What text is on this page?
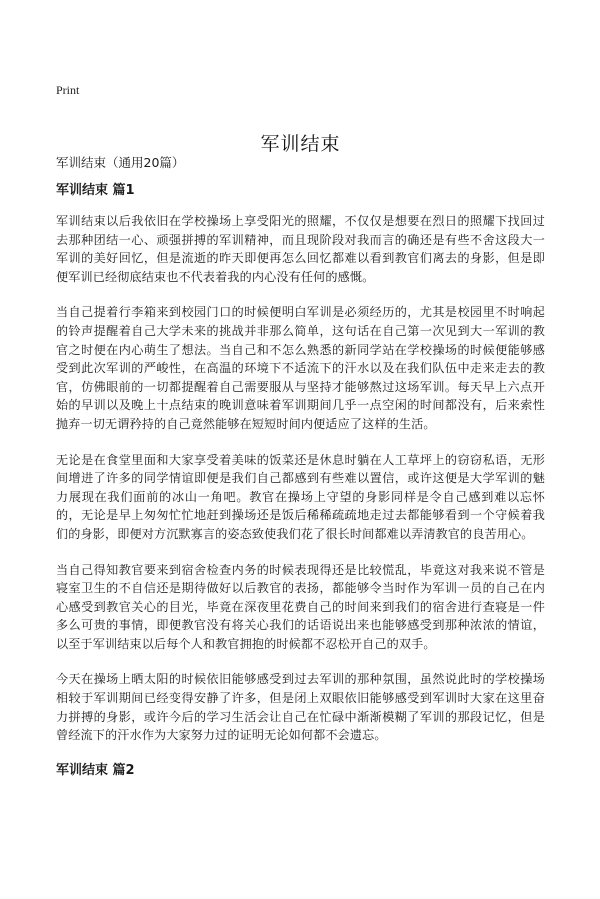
Print
军训结束
军训结束（通用20篇）
军训结束 篇1

军训结束以后我依旧在学校操场上享受阳光的照耀，不仅仅是想要在烈日的照耀下找回过去那种团结一心、顽强拼搏的军训精神，而且现阶段对我而言的确还是有些不舍这段大一军训的美好回忆，但是流逝的昨天即便再怎么回忆都难以看到教官们离去的身影，但是即便军训已经彻底结束也不代表着我的内心没有任何的感慨。

当自己提着行李箱来到校园门口的时候便明白军训是必须经历的，尤其是校园里不时响起的铃声提醒着自己大学未来的挑战并非那么简单，这句话在自己第一次见到大一军训的教官之时便在内心萌生了想法。当自己和不怎么熟悉的新同学站在学校操场的时候便能够感受到此次军训的严峻性，在高温的环境下不适流下的汗水以及在我们队伍中走来走去的教官，仿佛眼前的一切都提醒着自己需要服从与坚持才能够熬过这场军训。每天早上六点开始的早训以及晚上十点结束的晚训意味着军训期间几乎一点空闲的时间都没有，后来索性抛弃一切无谓矜持的自己竟然能够在短短时间内便适应了这样的生活。

无论是在食堂里面和大家享受着美味的饭菜还是休息时躺在人工草坪上的窃窃私语，无形间增进了许多的同学情谊即便是我们自己都感到有些难以置信，或许这便是大学军训的魅力展现在我们面前的冰山一角吧。教官在操场上守望的身影同样是令自己感到难以忘怀的，无论是早上匆匆忙忙地赶到操场还是饭后稀稀疏疏地走过去都能够看到一个守候着我们的身影，即便对方沉默寡言的姿态致使我们花了很长时间都难以弄清教官的良苦用心。

当自己得知教官要来到宿舍检查内务的时候表现得还是比较慌乱，毕竟这对我来说不管是寝室卫生的不自信还是期待做好以后教官的表扬，都能够令当时作为军训一员的自己在内心感受到教官关心的目光，毕竟在深夜里花费自己的时间来到我们的宿舍进行查寝是一件多么可贵的事情，即便教官没有将关心我们的话语说出来也能够感受到那种浓浓的情谊，以至于军训结束以后每个人和教官拥抱的时候都不忍松开自己的双手。

今天在操场上晒太阳的时候依旧能够感受到过去军训的那种氛围，虽然说此时的学校操场相较于军训期间已经变得安静了许多，但是闭上双眼依旧能够感受到军训时大家在这里奋力拼搏的身影，或许今后的学习生活会让自己在忙碌中渐渐模糊了军训的那段记忆，但是曾经流下的汗水作为大家努力过的证明无论如何都不会遗忘。

军训结束 篇2
